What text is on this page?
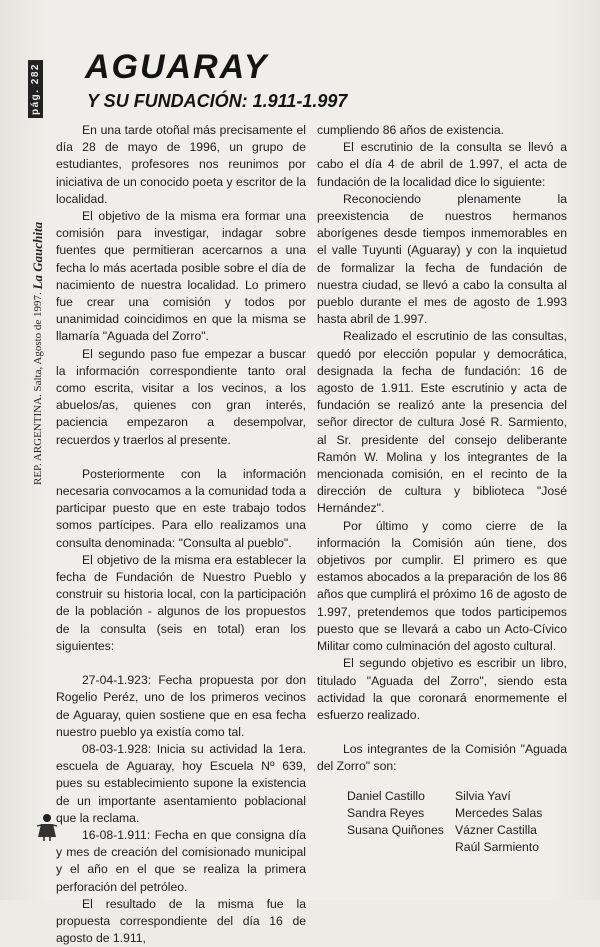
pág. 282
REP. ARGENTINA. Salta, Agosto de 1997. La Gauchita
AGUARAY
Y SU FUNDACIÓN: 1.911-1.997

En una tarde otoñal más precisamente el día 28 de mayo de 1996, un grupo de estudiantes, profesores nos reunimos por iniciativa de un conocido poeta y escritor de la localidad.

El objetivo de la misma era formar una comisión para investigar, indagar sobre fuentes que permitieran acercarnos a una fecha lo más acertada posible sobre el día de nacimiento de nuestra localidad. Lo primero fue crear una comisión y todos por unanimidad coincidimos en que la misma se llamaría "Aguada del Zorro".

El segundo paso fue empezar a buscar la información correspondiente tanto oral como escrita, visitar a los vecinos, a los abuelos/as, quienes con gran interés, paciencia empezaron a desempolvar, recuerdos y traerlos al presente.

Posteriormente con la información necesaria convocamos a la comunidad toda a participar puesto que en este trabajo todos somos partícipes. Para ello realizamos una consulta denominada: "Consulta al pueblo".

El objetivo de la misma era establecer la fecha de Fundación de Nuestro Pueblo y construir su historia local, con la participación de la población - algunos de los propuestos de la consulta (seis en total) eran los siguientes:

27-04-1.923: Fecha propuesta por don Rogelio Peréz, uno de los primeros vecinos de Aguaray, quien sostiene que en esa fecha nuestro pueblo ya existía como tal.

08-03-1.928: Inicia su actividad la 1era. escuela de Aguaray, hoy Escuela Nº 639, pues su establecimiento supone la existencia de un importante asentamiento poblacional que la reclama.

16-08-1.911: Fecha en que consigna día y mes de creación del comisionado municipal y el año en el que se realiza la primera perforación del petróleo.

El resultado de la misma fue la propuesta correspondiente del día 16 de agosto de 1.911,

cumpliendo 86 años de existencia.

El escrutinio de la consulta se llevó a cabo el día 4 de abril de 1.997, el acta de fundación de la localidad dice lo siguiente:

Reconociendo plenamente la preexistencia de nuestros hermanos aborígenes desde tiempos inmemorables en el valle Tuyunti (Aguaray) y con la inquietud de formalizar la fecha de fundación de nuestra ciudad, se llevó a cabo la consulta al pueblo durante el mes de agosto de 1.993 hasta abril de 1.997.

Realizado el escrutinio de las consultas, quedó por elección popular y democrática, designada la fecha de fundación: 16 de agosto de 1.911. Este escrutinio y acta de fundación se realizó ante la presencia del señor director de cultura José R. Sarmiento, al Sr. presidente del consejo deliberante Ramón W. Molina y los integrantes de la mencionada comisión, en el recinto de la dirección de cultura y biblioteca "José Hernández".

Por último y como cierre de la información la Comisión aún tiene, dos objetivos por cumplir. El primero es que estamos abocados a la preparación de los 86 años que cumplirá el próximo 16 de agosto de 1.997, pretendemos que todos participemos puesto que se llevará a cabo un Acto-Cívico Militar como culminación del agosto cultural.

El segundo objetivo es escribir un libro, titulado "Aguada del Zorro", siendo esta actividad la que coronará enormemente el esfuerzo realizado.

Los integrantes de la Comisión "Aguada del Zorro" son:

Daniel Castillo	Silvia Yaví
Sandra Reyes	Mercedes Salas
Susana Quiñones Vázner Castilla
Raúl Sarmiento
